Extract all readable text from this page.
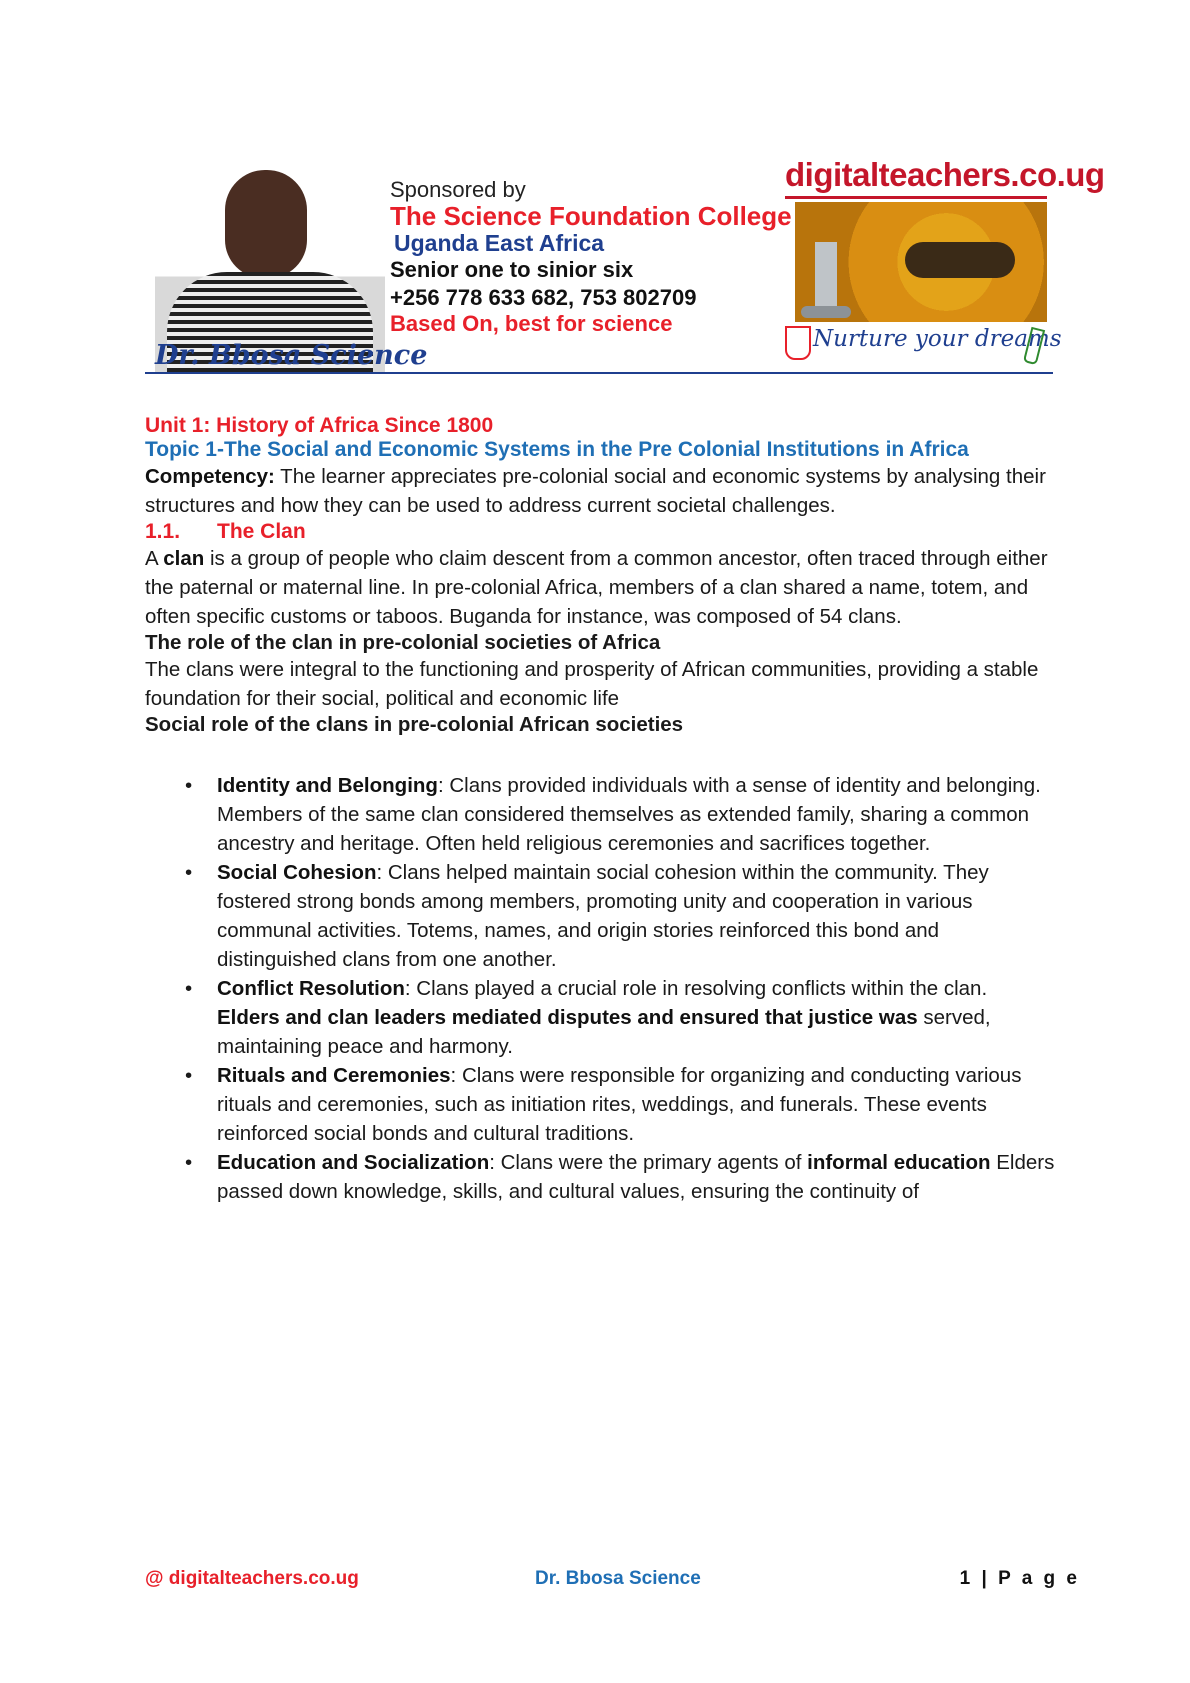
Dr. Bbosa Science
Sponsored by
The Science Foundation College
Uganda East Africa
Senior one to sinior six
+256 778 633 682, 753 802709
Based On, best for science
digitalteachers.co.ug
Nurture your dreams

Unit 1: History of Africa Since 1800

Topic 1-The Social and Economic Systems in the Pre Colonial Institutions in Africa

Competency: The learner appreciates pre-colonial social and economic systems by analysing their structures and how they can be used to address current societal challenges.

1.1. The Clan

A clan is a group of people who claim descent from a common ancestor, often traced through either the paternal or maternal line. In pre-colonial Africa, members of a clan shared a name, totem, and often specific customs or taboos. Buganda for instance, was composed of 54 clans.

The role of the clan in pre-colonial societies of Africa

The clans were integral to the functioning and prosperity of African communities, providing a stable foundation for their social, political and economic life

Social role of the clans in pre-colonial African societies

• Identity and Belonging: Clans provided individuals with a sense of identity and belonging. Members of the same clan considered themselves as extended family, sharing a common ancestry and heritage. Often held religious ceremonies and sacrifices together.
• Social Cohesion: Clans helped maintain social cohesion within the community. They fostered strong bonds among members, promoting unity and cooperation in various communal activities. Totems, names, and origin stories reinforced this bond and distinguished clans from one another.
• Conflict Resolution: Clans played a crucial role in resolving conflicts within the clan. Elders and clan leaders mediated disputes and ensured that justice was served, maintaining peace and harmony.
• Rituals and Ceremonies: Clans were responsible for organizing and conducting various rituals and ceremonies, such as initiation rites, weddings, and funerals. These events reinforced social bonds and cultural traditions.
• Education and Socialization: Clans were the primary agents of informal education Elders passed down knowledge, skills, and cultural values, ensuring the continuity of
@ digitalteachers.co.ug	Dr. Bbosa Science	1 | P a g e
